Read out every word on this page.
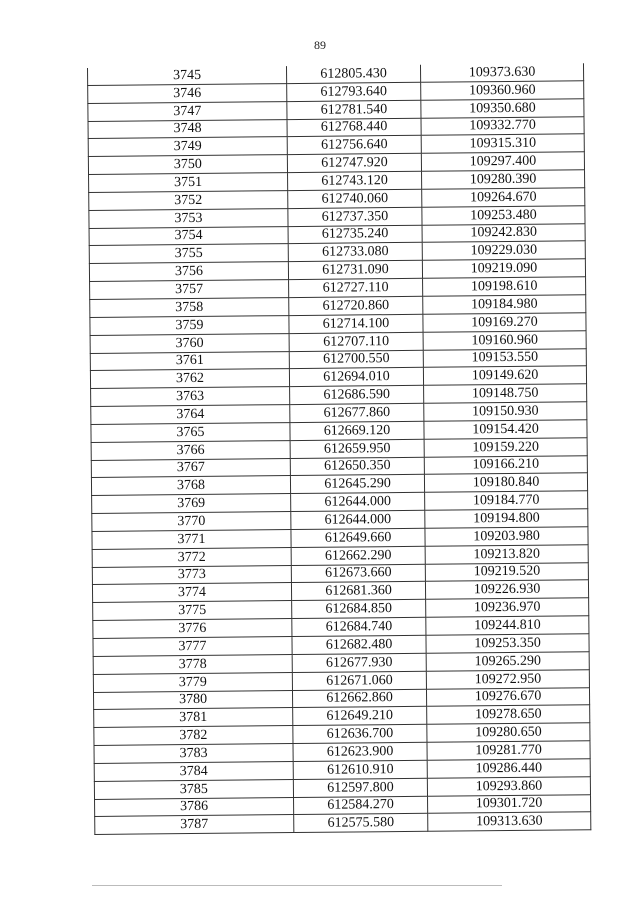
89
3745	612805.430	109373.630
3746	612793.640	109360.960
3747	612781.540	109350.680
3748	612768.440	109332.770
3749	612756.640	109315.310
3750	612747.920	109297.400
3751	612743.120	109280.390
3752	612740.060	109264.670
3753	612737.350	109253.480
3754	612735.240	109242.830
3755	612733.080	109229.030
3756	612731.090	109219.090
3757	612727.110	109198.610
3758	612720.860	109184.980
3759	612714.100	109169.270
3760	612707.110	109160.960
3761	612700.550	109153.550
3762	612694.010	109149.620
3763	612686.590	109148.750
3764	612677.860	109150.930
3765	612669.120	109154.420
3766	612659.950	109159.220
3767	612650.350	109166.210
3768	612645.290	109180.840
3769	612644.000	109184.770
3770	612644.000	109194.800
3771	612649.660	109203.980
3772	612662.290	109213.820
3773	612673.660	109219.520
3774	612681.360	109226.930
3775	612684.850	109236.970
3776	612684.740	109244.810
3777	612682.480	109253.350
3778	612677.930	109265.290
3779	612671.060	109272.950
3780	612662.860	109276.670
3781	612649.210	109278.650
3782	612636.700	109280.650
3783	612623.900	109281.770
3784	612610.910	109286.440
3785	612597.800	109293.860
3786	612584.270	109301.720
3787	612575.580	109313.630
